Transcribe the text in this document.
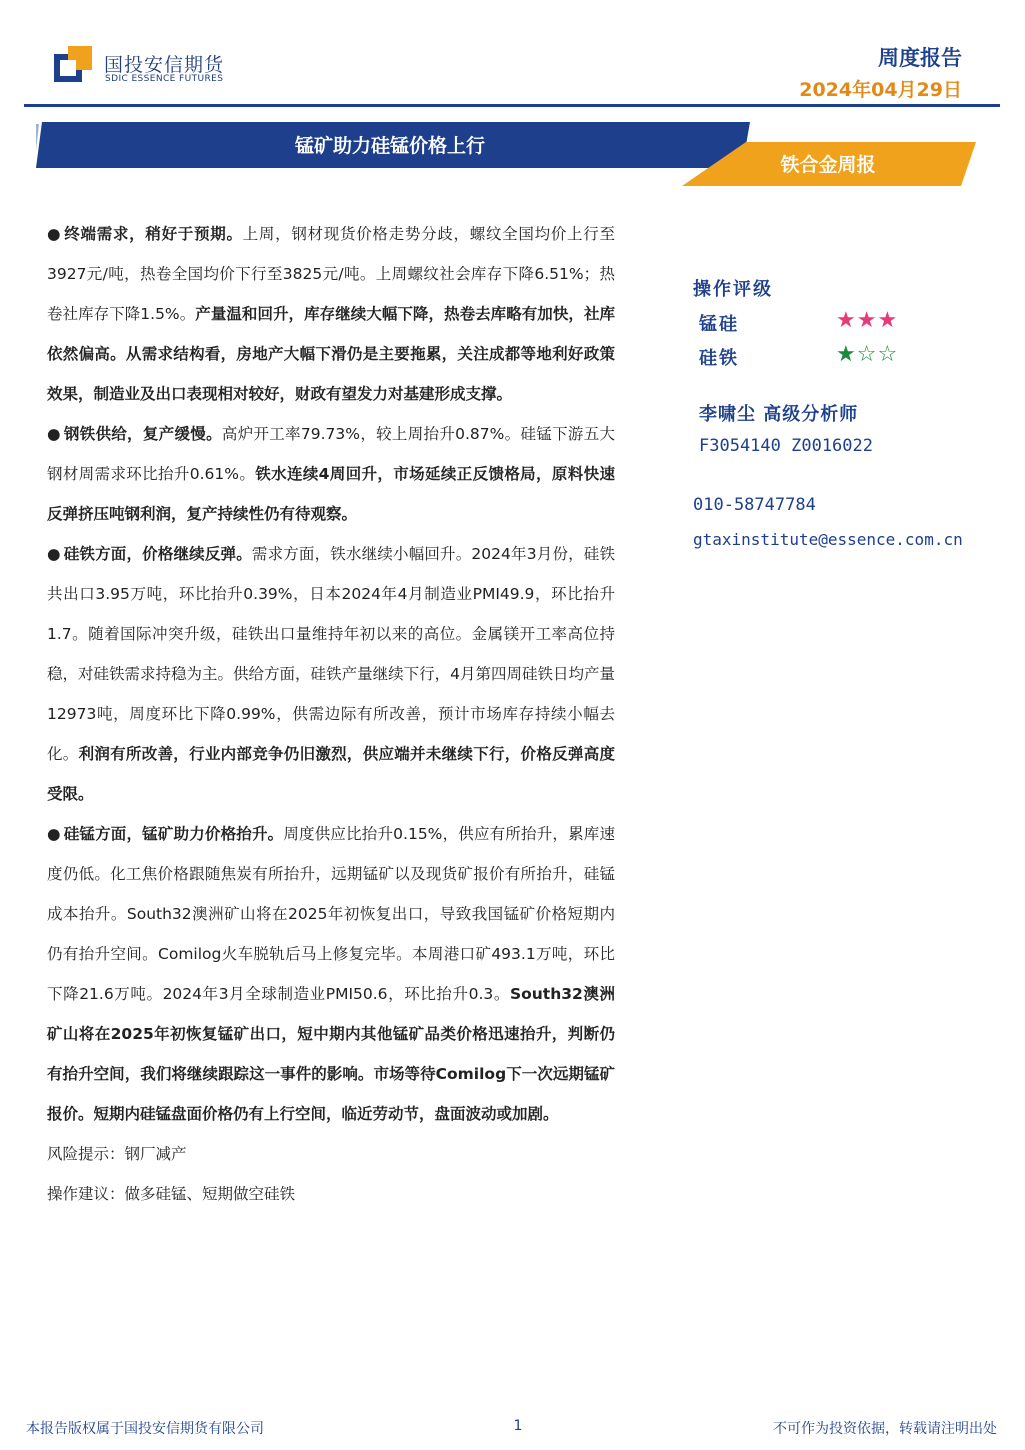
国投安信期货
SDIC ESSENCE FUTURES
周度报告
2024年04月29日
锰矿助力硅锰价格上行
铁合金周报

● 终端需求，稍好于预期。上周，钢材现货价格走势分歧，螺纹全国均价上行至3927元/吨，热卷全国均价下行至3825元/吨。上周螺纹社会库存下降6.51%；热卷社库存下降1.5%。产量温和回升，库存继续大幅下降，热卷去库略有加快，社库依然偏高。从需求结构看，房地产大幅下滑仍是主要拖累，关注成都等地利好政策效果，制造业及出口表现相对较好，财政有望发力对基建形成支撑。

● 钢铁供给，复产缓慢。高炉开工率79.73%，较上周抬升0.87%。硅锰下游五大钢材周需求环比抬升0.61%。铁水连续4周回升，市场延续正反馈格局，原料快速反弹挤压吨钢利润，复产持续性仍有待观察。

● 硅铁方面，价格继续反弹。需求方面，铁水继续小幅回升。2024年3月份，硅铁共出口3.95万吨，环比抬升0.39%，日本2024年4月制造业PMI49.9，环比抬升1.7。随着国际冲突升级，硅铁出口量维持年初以来的高位。金属镁开工率高位持稳，对硅铁需求持稳为主。供给方面，硅铁产量继续下行，4月第四周硅铁日均产量12973吨，周度环比下降0.99%，供需边际有所改善，预计市场库存持续小幅去化。利润有所改善，行业内部竞争仍旧激烈，供应端并未继续下行，价格反弹高度受限。

● 硅锰方面，锰矿助力价格抬升。周度供应比抬升0.15%，供应有所抬升，累库速度仍低。化工焦价格跟随焦炭有所抬升，远期锰矿以及现货矿报价有所抬升，硅锰成本抬升。South32澳洲矿山将在2025年初恢复出口，导致我国锰矿价格短期内仍有抬升空间。Comilog火车脱轨后马上修复完毕。本周港口矿493.1万吨，环比下降21.6万吨。2024年3月全球制造业PMI50.6，环比抬升0.3。South32澳洲矿山将在2025年初恢复锰矿出口，短中期内其他锰矿品类价格迅速抬升，判断仍有抬升空间，我们将继续跟踪这一事件的影响。市场等待Comilog下一次远期锰矿报价。短期内硅锰盘面价格仍有上行空间，临近劳动节，盘面波动或加剧。

风险提示：钢厂减产

操作建议：做多硅锰、短期做空硅铁

操作评级
锰硅	★★★
硅铁	★☆☆
李啸尘 高级分析师
F3054140 Z0016022
010-58747784
gtaxinstitute@essence.com.cn
本报告版权属于国投安信期货有限公司	1	不可作为投资依据，转载请注明出处
